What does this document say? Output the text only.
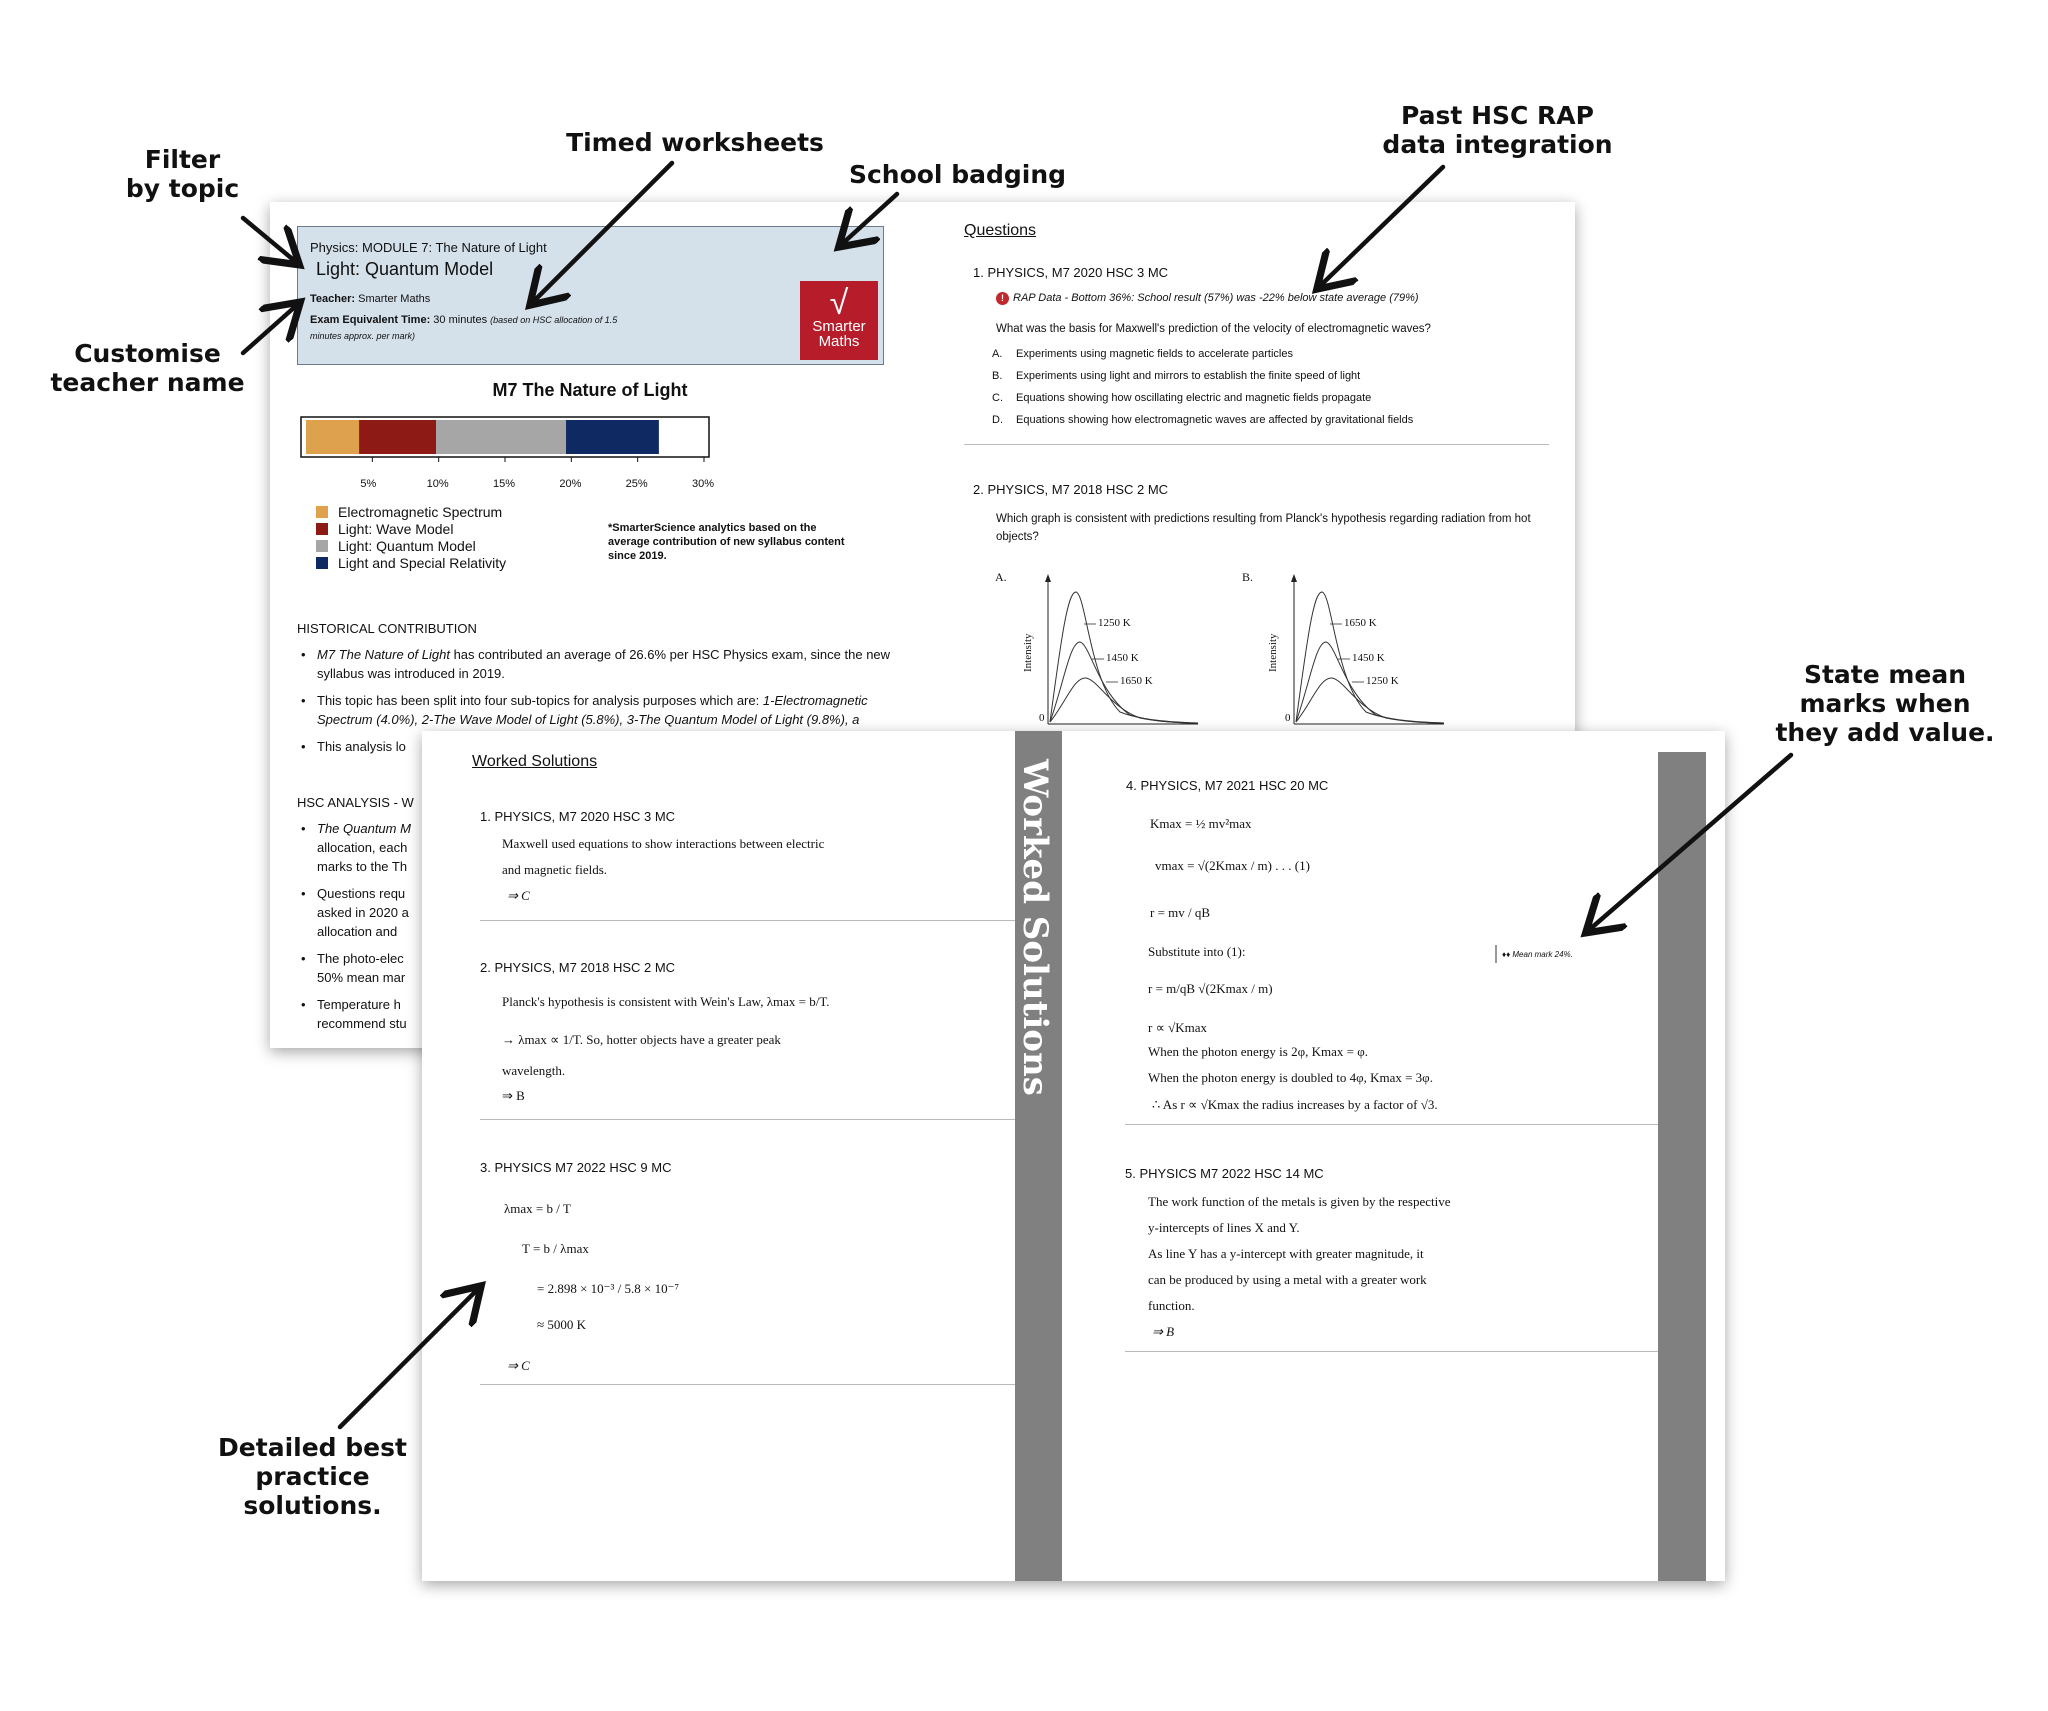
Physics: MODULE 7: The Nature of Light
Light: Quantum Model
Teacher: Smarter Maths
Exam Equivalent Time: 30 minutes (based on HSC allocation of 1.5 minutes approx. per mark)
√
Smarter
Maths
M7 The Nature of Light
5%	10%	15%	20%	25%	30%
Electromagnetic Spectrum
Light: Wave Model
Light: Quantum Model
Light and Special Relativity
*SmarterScience analytics based on the average contribution of new syllabus content since 2019.
HISTORICAL CONTRIBUTION
• M7 The Nature of Light has contributed an average of 26.6% per HSC Physics exam, since the new syllabus was introduced in 2019.
• This topic has been split into four sub-topics for analysis purposes which are: 1-Electromagnetic Spectrum (4.0%), 2-The Wave Model of Light (5.8%), 3-The Quantum Model of Light (9.8%), a
• This analysis lo
HSC ANALYSIS - W
• The Quantum M
allocation, each
marks to the Th
• Questions requ
asked in 2020 a
allocation and
• The photo-elec
50% mean mar
• Temperature h
recommend stu
Questions
1. PHYSICS, M7 2020 HSC 3 MC
! RAP Data - Bottom 36%: School result (57%) was -22% below state average (79%)
What was the basis for Maxwell's prediction of the velocity of electromagnetic waves?
A. Experiments using magnetic fields to accelerate particles
B. Experiments using light and mirrors to establish the finite speed of light
C. Equations showing how oscillating electric and magnetic fields propagate
D. Equations showing how electromagnetic waves are affected by gravitational fields
2. PHYSICS, M7 2018 HSC 2 MC
Which graph is consistent with predictions resulting from Planck's hypothesis regarding radiation from hot objects?
A.
Intensity
0
1250 K
1450 K
1650 K
B.
Intensity
0
1650 K
1450 K
1250 K
Worked Solutions
1. PHYSICS, M7 2020 HSC 3 MC
Maxwell used equations to show interactions between electric
and magnetic fields.
⇒ C
2. PHYSICS, M7 2018 HSC 2 MC
Planck's hypothesis is consistent with Wein's Law, λmax = b/T.
→ λmax ∝ 1/T. So, hotter objects have a greater peak
wavelength.
⇒ B
3. PHYSICS M7 2022 HSC 9 MC
λmax = b / T
T = b / λmax
= 2.898 × 10⁻³ / 5.8 × 10⁻⁷
≈ 5000 K
⇒ C
Worked Solutions	4. PHYSICS, M7 2021 HSC 20 MC
Kmax = ½ mv²max
vmax = √(2Kmax / m) . . . (1)
r = mv / qB
Substitute into (1):
r = m/qB √(2Kmax / m)
r ∝ √Kmax
When the photon energy is 2φ, Kmax = φ.
When the photon energy is doubled to 4φ, Kmax = 3φ.
∴ As r ∝ √Kmax the radius increases by a factor of √3.
♦♦ Mean mark 24%.
5. PHYSICS M7 2022 HSC 14 MC
The work function of the metals is given by the respective
y-intercepts of lines X and Y.
As line Y has a y-intercept with greater magnitude, it
can be produced by using a metal with a greater work
function.
⇒ B
Filter
by topic
Timed worksheets
School badging
Past HSC RAP
data integration
Customise
teacher name
State mean
marks when
they add value.
Detailed best
practice
solutions.
